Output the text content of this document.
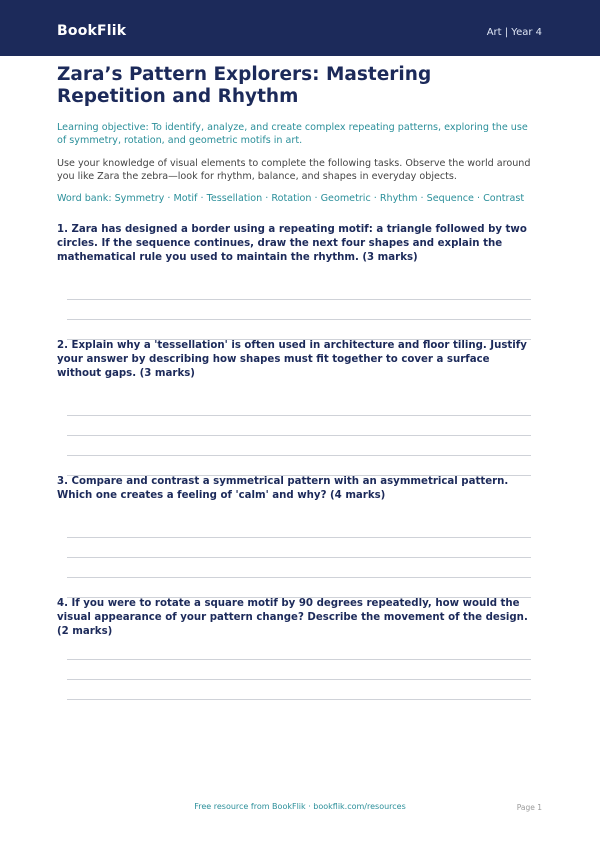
BookFlik	Art | Year 4
Zara’s Pattern Explorers: Mastering Repetition and Rhythm

Learning objective: To identify, analyze, and create complex repeating patterns, exploring the use of symmetry, rotation, and geometric motifs in art.

Use your knowledge of visual elements to complete the following tasks. Observe the world around you like Zara the zebra—look for rhythm, balance, and shapes in everyday objects.

Word bank: Symmetry · Motif · Tessellation · Rotation · Geometric · Rhythm · Sequence · Contrast

1. Zara has designed a border using a repeating motif: a triangle followed by two circles. If the sequence continues, draw the next four shapes and explain the mathematical rule you used to maintain the rhythm. (3 marks)

2. Explain why a 'tessellation' is often used in architecture and floor tiling. Justify your answer by describing how shapes must fit together to cover a surface without gaps. (3 marks)

3. Compare and contrast a symmetrical pattern with an asymmetrical pattern. Which one creates a feeling of 'calm' and why? (4 marks)

4. If you were to rotate a square motif by 90 degrees repeatedly, how would the visual appearance of your pattern change? Describe the movement of the design. (2 marks)

Free resource from BookFlik · bookflik.com/resources	Page 1
